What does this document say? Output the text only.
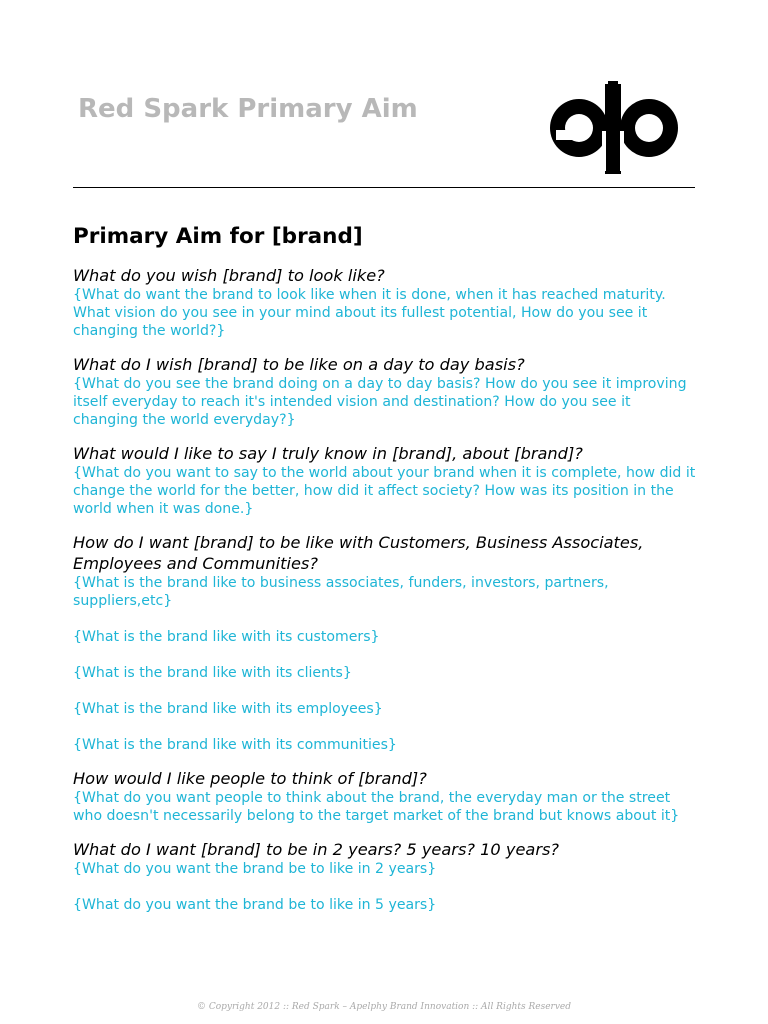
Red Spark Primary Aim
Primary Aim for [brand]
What do you wish [brand] to look like?
{What do want the brand to look like when it is done, when it has reached maturity. What vision do you see in your mind about its fullest potential, How do you see it changing the world?}
What do I wish [brand] to be like on a day to day basis?
{What do you see the brand doing on a day to day basis? How do you see it improving itself everyday to reach it's intended vision and destination? How do you see it changing the world everyday?}
What would I like to say I truly know in [brand], about [brand]?
{What do you want to say to the world about your brand when it is complete, how did it change the world for the better, how did it affect society? How was its position in the world when it was done.}
How do I want [brand] to be like with Customers, Business Associates, Employees and Communities?
{What is the brand like to business associates, funders, investors, partners, suppliers,etc}
{What is the brand like with its customers}
{What is the brand like with its clients}
{What is the brand like with its employees}
{What is the brand like with its communities}
How would I like people to think of [brand]?
{What do you want people to think about the brand, the everyday man or the street who doesn't necessarily belong to the target market of the brand but knows about it}
What do I want [brand] to be in 2 years? 5 years? 10 years?
{What do you want the brand be to like in 2 years}
{What do you want the brand be to like in 5 years}
© Copyright 2012 :: Red Spark – Apelphy Brand Innovation :: All Rights Reserved
